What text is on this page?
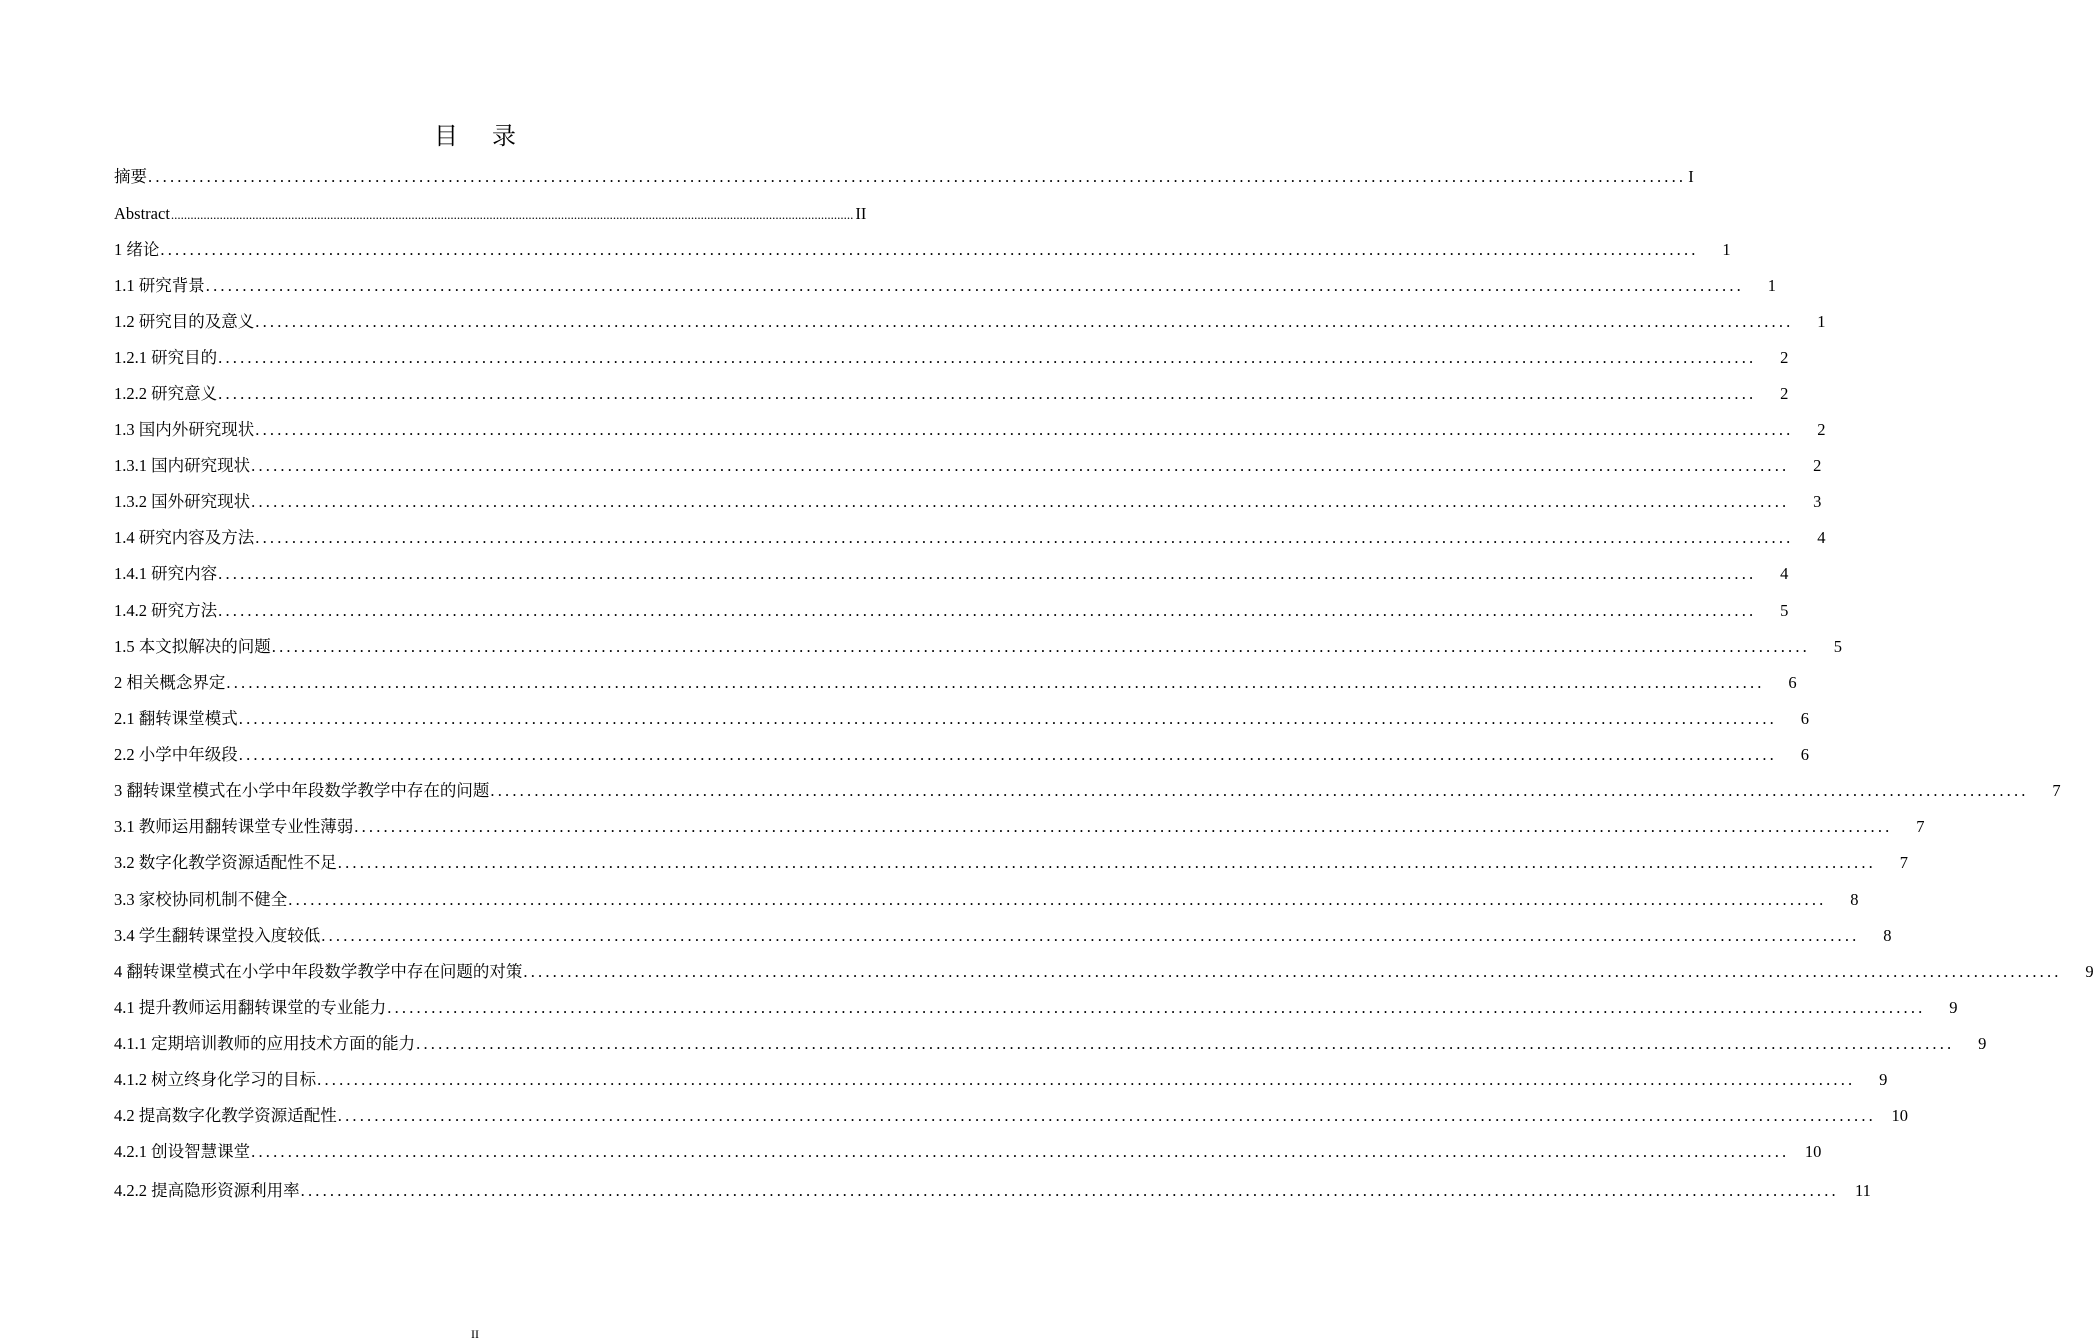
目 录
摘要 .................................................................................................................................................................................................................. I
Abstract .................................................................................................................................................................................................................. II
1 绪论 ..................................................................................................................................................................................................................	1
1.1 研究背景 ..................................................................................................................................................................................................................	1
1.2 研究目的及意义 ..................................................................................................................................................................................................................	1
1.2.1 研究目的 ..................................................................................................................................................................................................................	2
1.2.2 研究意义 ..................................................................................................................................................................................................................	2
1.3 国内外研究现状 ..................................................................................................................................................................................................................	2
1.3.1 国内研究现状 ..................................................................................................................................................................................................................	2
1.3.2 国外研究现状 ..................................................................................................................................................................................................................	3
1.4 研究内容及方法 ..................................................................................................................................................................................................................	4
1.4.1 研究内容 ..................................................................................................................................................................................................................	4
1.4.2 研究方法 ..................................................................................................................................................................................................................	5
1.5 本文拟解决的问题 ..................................................................................................................................................................................................................	5
2 相关概念界定 ..................................................................................................................................................................................................................	6
2.1 翻转课堂模式 ..................................................................................................................................................................................................................	6
2.2 小学中年级段 ..................................................................................................................................................................................................................	6
3 翻转课堂模式在小学中年段数学教学中存在的问题 ..................................................................................................................................................................................................................	7
3.1 教师运用翻转课堂专业性薄弱 ..................................................................................................................................................................................................................	7
3.2 数字化教学资源适配性不足 ..................................................................................................................................................................................................................	7
3.3 家校协同机制不健全 ..................................................................................................................................................................................................................	8
3.4 学生翻转课堂投入度较低 ..................................................................................................................................................................................................................	8
4 翻转课堂模式在小学中年段数学教学中存在问题的对策 ..................................................................................................................................................................................................................	9
4.1 提升教师运用翻转课堂的专业能力 ..................................................................................................................................................................................................................	9
4.1.1 定期培训教师的应用技术方面的能力 ..................................................................................................................................................................................................................	9
4.1.2 树立终身化学习的目标 ..................................................................................................................................................................................................................	9
4.2 提高数字化教学资源适配性 .................................................................................................................................................................................................................. 10
4.2.1 创设智慧课堂 .................................................................................................................................................................................................................. 10
4.2.2 提高隐形资源利用率 .................................................................................................................................................................................................................. 11
II
